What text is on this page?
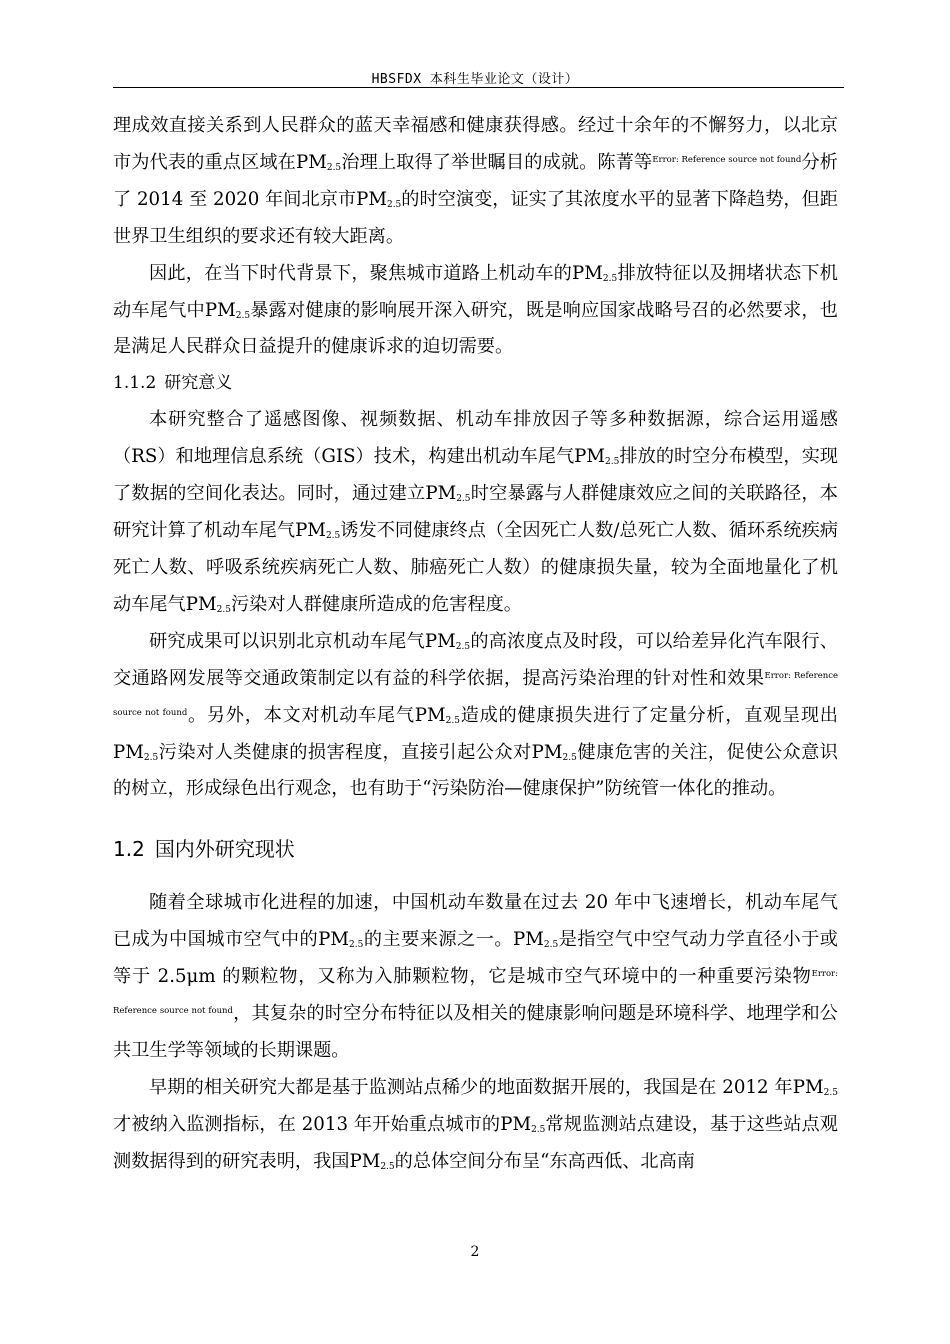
HBSFDX 本科生毕业论文（设计）

理成效直接关系到人民群众的蓝天幸福感和健康获得感。经过十余年的不懈努力，以北京市为代表的重点区域在$PM_{2.5}$治理上取得了举世瞩目的成就。陈菁等$^{Error: Reference source not found}$分析了 2014 至 2020 年间北京市$PM_{2.5}$的时空演变，证实了其浓度水平的显著下降趋势，但距世界卫生组织的要求还有较大距离。

因此，在当下时代背景下，聚焦城市道路上机动车的$PM_{2.5}$排放特征以及拥堵状态下机动车尾气中$PM_{2.5}$暴露对健康的影响展开深入研究，既是响应国家战略号召的必然要求，也是满足人民群众日益提升的健康诉求的迫切需要。

1.1.2 研究意义

本研究整合了遥感图像、视频数据、机动车排放因子等多种数据源，综合运用遥感（RS）和地理信息系统（GIS）技术，构建出机动车尾气$PM_{2.5}$排放的时空分布模型，实现了数据的空间化表达。同时，通过建立$PM_{2.5}$时空暴露与人群健康效应之间的关联路径，本研究计算了机动车尾气$PM_{2.5}$诱发不同健康终点（全因死亡人数/总死亡人数、循环系统疾病死亡人数、呼吸系统疾病死亡人数、肺癌死亡人数）的健康损失量，较为全面地量化了机动车尾气$PM_{2.5}$污染对人群健康所造成的危害程度。

研究成果可以识别北京机动车尾气$PM_{2.5}$的高浓度点及时段，可以给差异化汽车限行、交通路网发展等交通政策制定以有益的科学依据，提高污染治理的针对性和效果$^{Error: Reference source not found}$。另外，本文对机动车尾气$PM_{2.5}$造成的健康损失进行了定量分析，直观呈现出$PM_{2.5}$污染对人类健康的损害程度，直接引起公众对$PM_{2.5}$健康危害的关注，促使公众意识的树立，形成绿色出行观念，也有助于“污染防治—健康保护”防统管一体化的推动。

1.2 国内外研究现状

随着全球城市化进程的加速，中国机动车数量在过去 20 年中飞速增长，机动车尾气已成为中国城市空气中的$PM_{2.5}$的主要来源之一。$PM_{2.5}$是指空气中空气动力学直径小于或等于 2.5μm 的颗粒物，又称为入肺颗粒物，它是城市空气环境中的一种重要污染物$^{Error: Reference source not found}$，其复杂的时空分布特征以及相关的健康影响问题是环境科学、地理学和公共卫生学等领域的长期课题。

早期的相关研究大都是基于监测站点稀少的地面数据开展的，我国是在 2012 年$PM_{2.5}$才被纳入监测指标，在 2013 年开始重点城市的$PM_{2.5}$常规监测站点建设，基于这些站点观测数据得到的研究表明，我国$PM_{2.5}$的总体空间分布呈“东高西低、北高南

2
